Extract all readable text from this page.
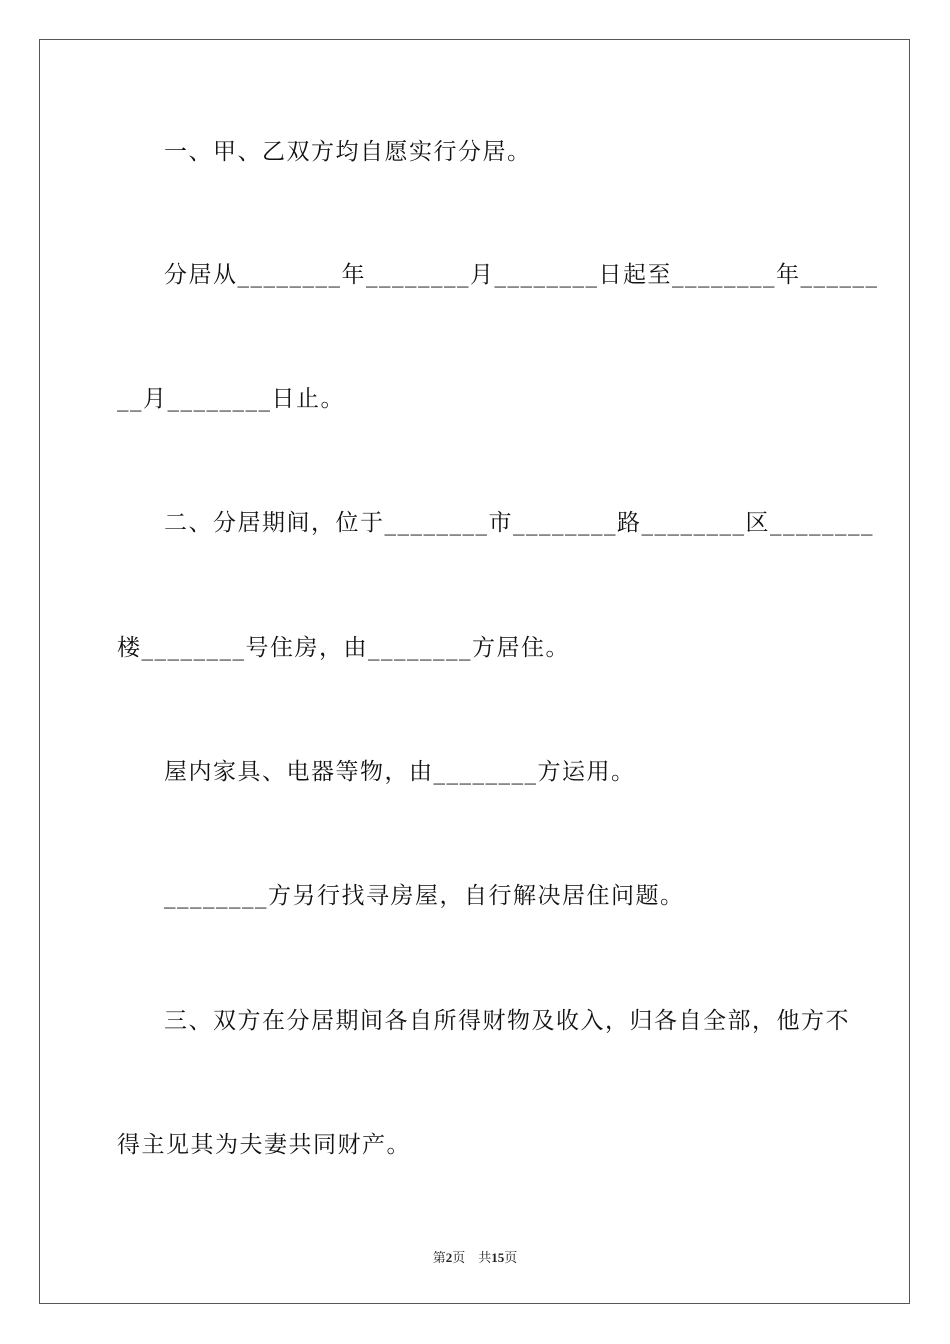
一、甲、乙双方均自愿实行分居。

分居从________年________月________日起至________年______

__月________日止。

二、分居期间，位于________市________路________区________

楼________号住房，由________方居住。

屋内家具、电器等物，由________方运用。

________方另行找寻房屋，自行解决居住问题。

三、双方在分居期间各自所得财物及收入，归各自全部，他方不

得主见其为夫妻共同财产。

第2页 共15页
